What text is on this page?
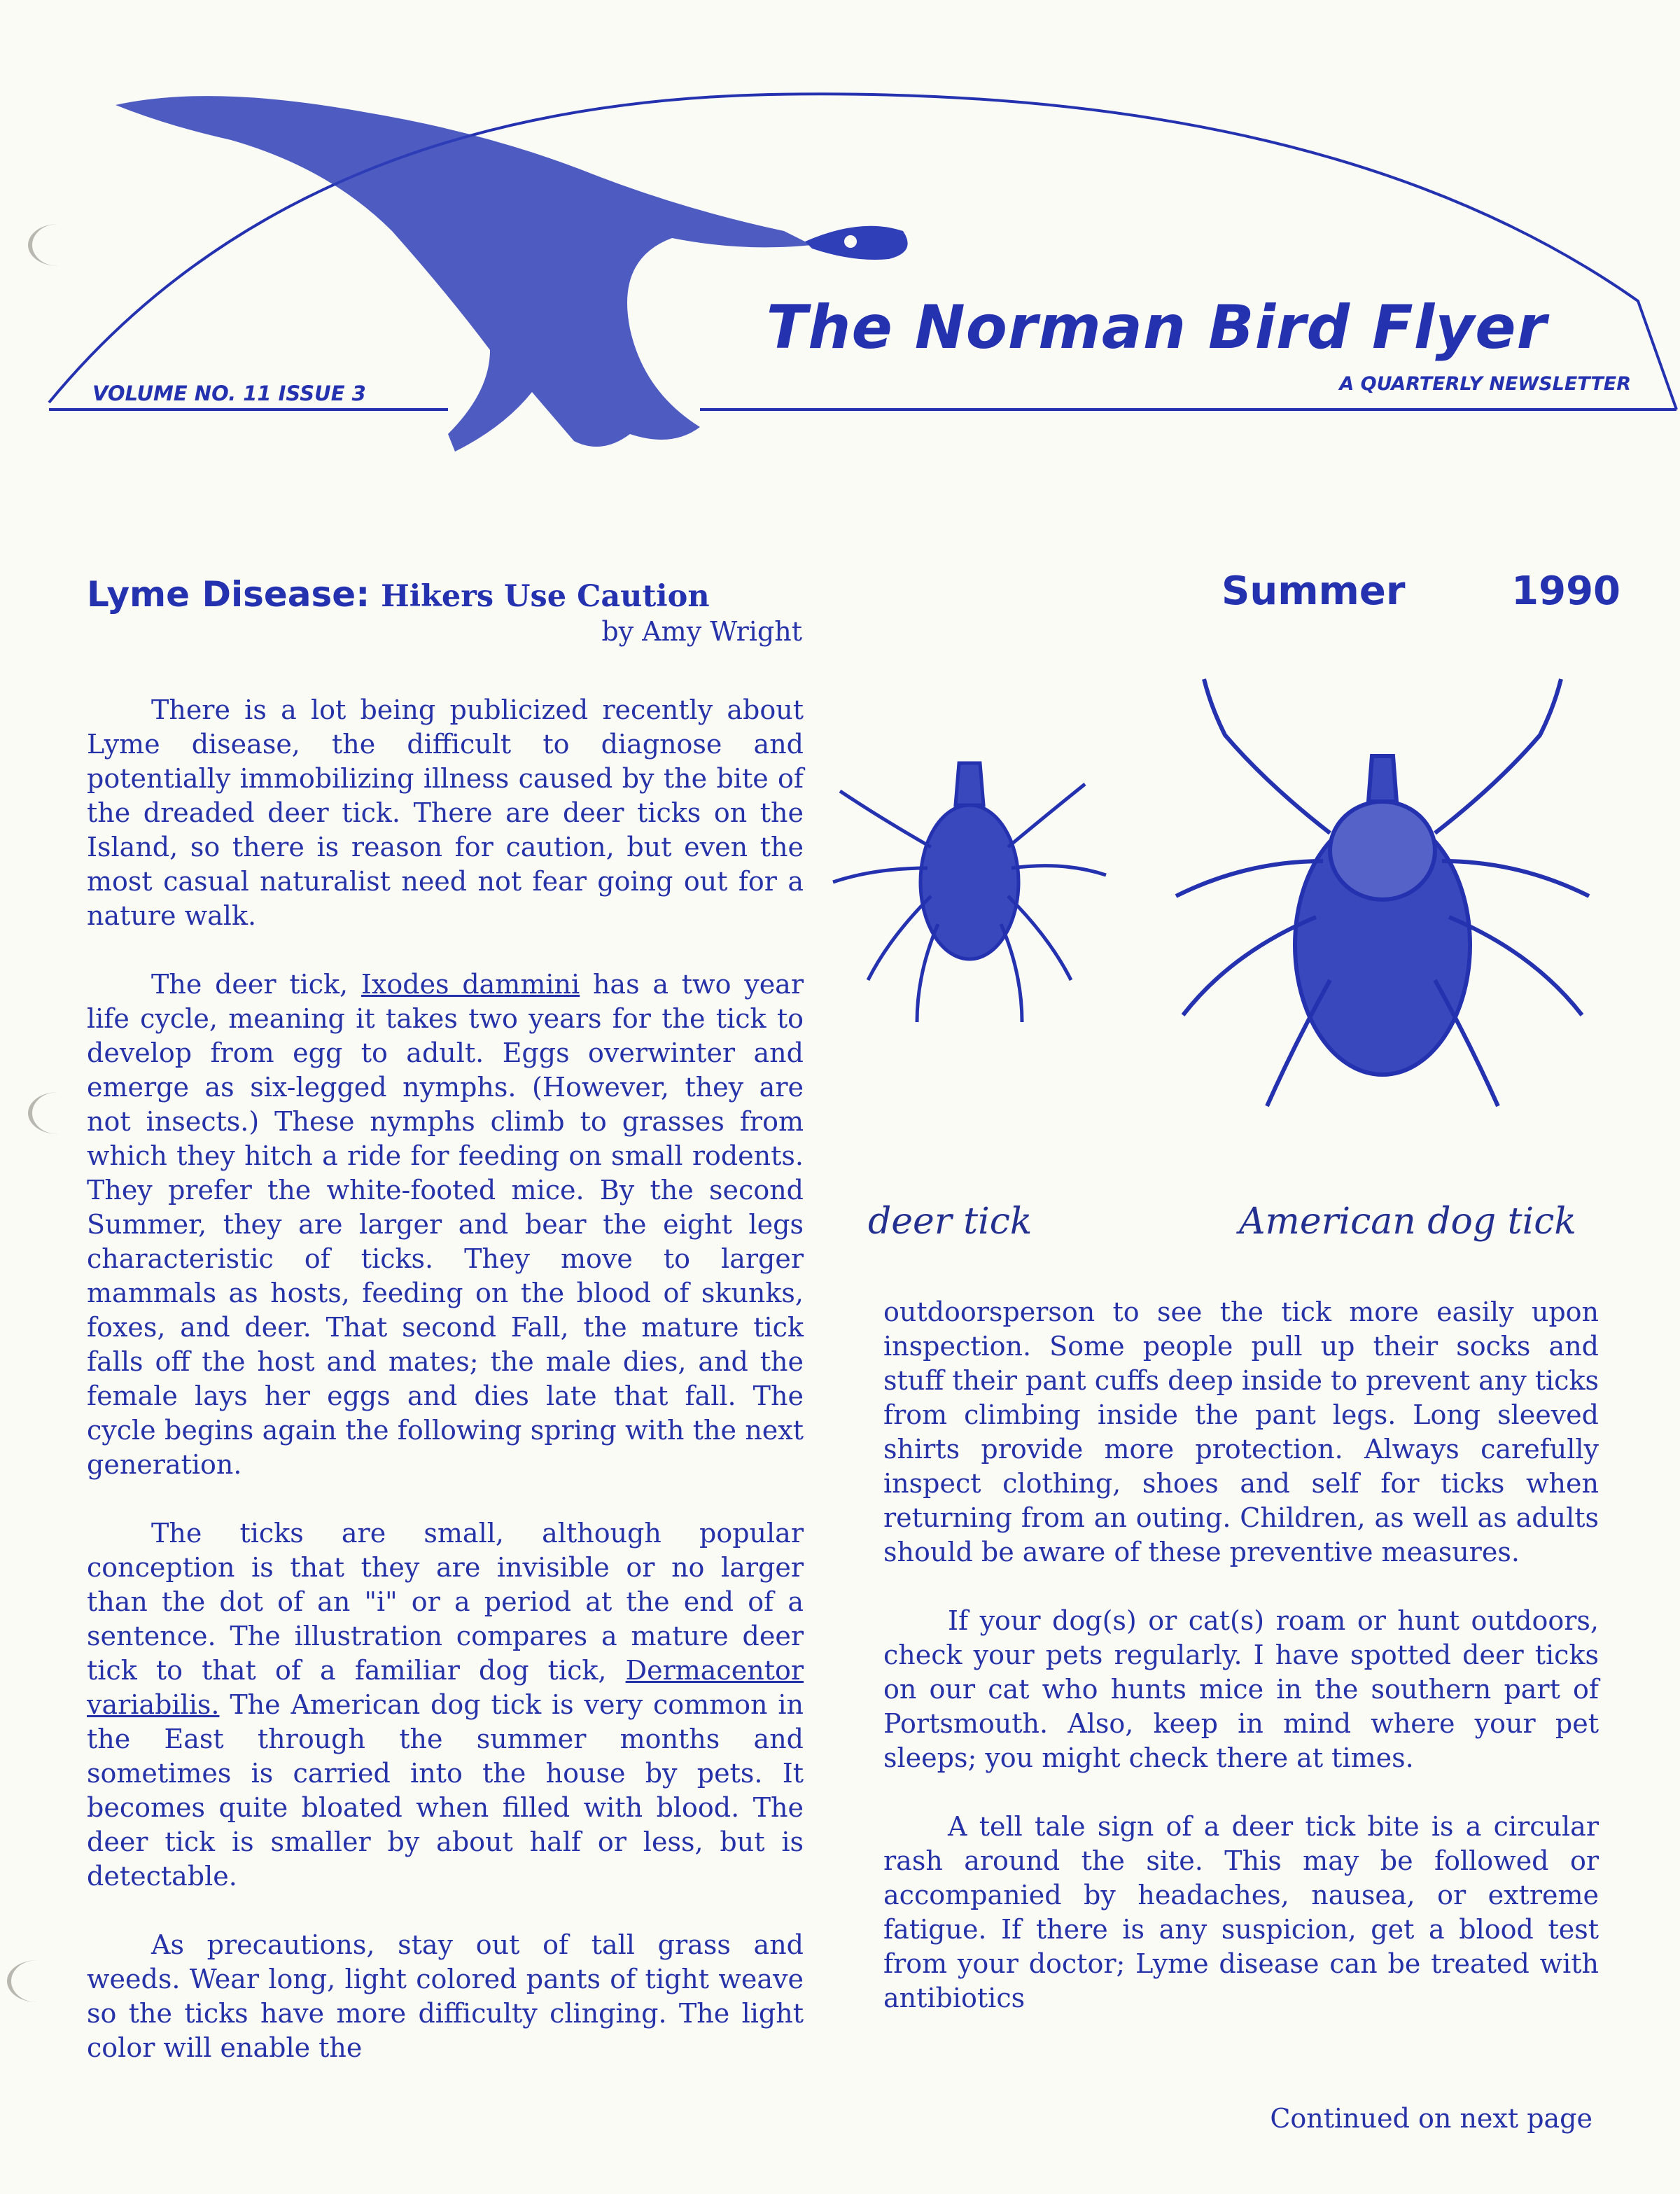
The Norman Bird Flyer
VOLUME NO. 11 ISSUE 3	A QUARTERLY NEWSLETTER
Lyme Disease: Hikers Use Caution
by Amy Wright
Summer	1990

There is a lot being publicized recently about Lyme disease, the difficult to diagnose and potentially immobilizing illness caused by the bite of the dreaded deer tick. There are deer ticks on the Island, so there is reason for caution, but even the most casual naturalist need not fear going out for a nature walk.

The deer tick, Ixodes dammini has a two year life cycle, meaning it takes two years for the tick to develop from egg to adult. Eggs overwinter and emerge as six-legged nymphs. (However, they are not insects.) These nymphs climb to grasses from which they hitch a ride for feeding on small rodents. They prefer the white-footed mice. By the second Summer, they are larger and bear the eight legs characteristic of ticks. They move to larger mammals as hosts, feeding on the blood of skunks, foxes, and deer. That second Fall, the mature tick falls off the host and mates; the male dies, and the female lays her eggs and dies late that fall. The cycle begins again the following spring with the next generation.

The ticks are small, although popular conception is that they are invisible or no larger than the dot of an "i" or a period at the end of a sentence. The illustration compares a mature deer tick to that of a familiar dog tick, Dermacentor variabilis. The American dog tick is very common in the East through the summer months and sometimes is carried into the house by pets. It becomes quite bloated when filled with blood. The deer tick is smaller by about half or less, but is detectable.

As precautions, stay out of tall grass and weeds. Wear long, light colored pants of tight weave so the ticks have more difficulty clinging. The light color will enable the

deer tick	American dog tick

outdoorsperson to see the tick more easily upon inspection. Some people pull up their socks and stuff their pant cuffs deep inside to prevent any ticks from climbing inside the pant legs. Long sleeved shirts provide more protection. Always carefully inspect clothing, shoes and self for ticks when returning from an outing. Children, as well as adults should be aware of these preventive measures.

If your dog(s) or cat(s) roam or hunt outdoors, check your pets regularly. I have spotted deer ticks on our cat who hunts mice in the southern part of Portsmouth. Also, keep in mind where your pet sleeps; you might check there at times.

A tell tale sign of a deer tick bite is a circular rash around the site. This may be followed or accompanied by headaches, nausea, or extreme fatigue. If there is any suspicion, get a blood test from your doctor; Lyme disease can be treated with antibiotics

Continued on next page
